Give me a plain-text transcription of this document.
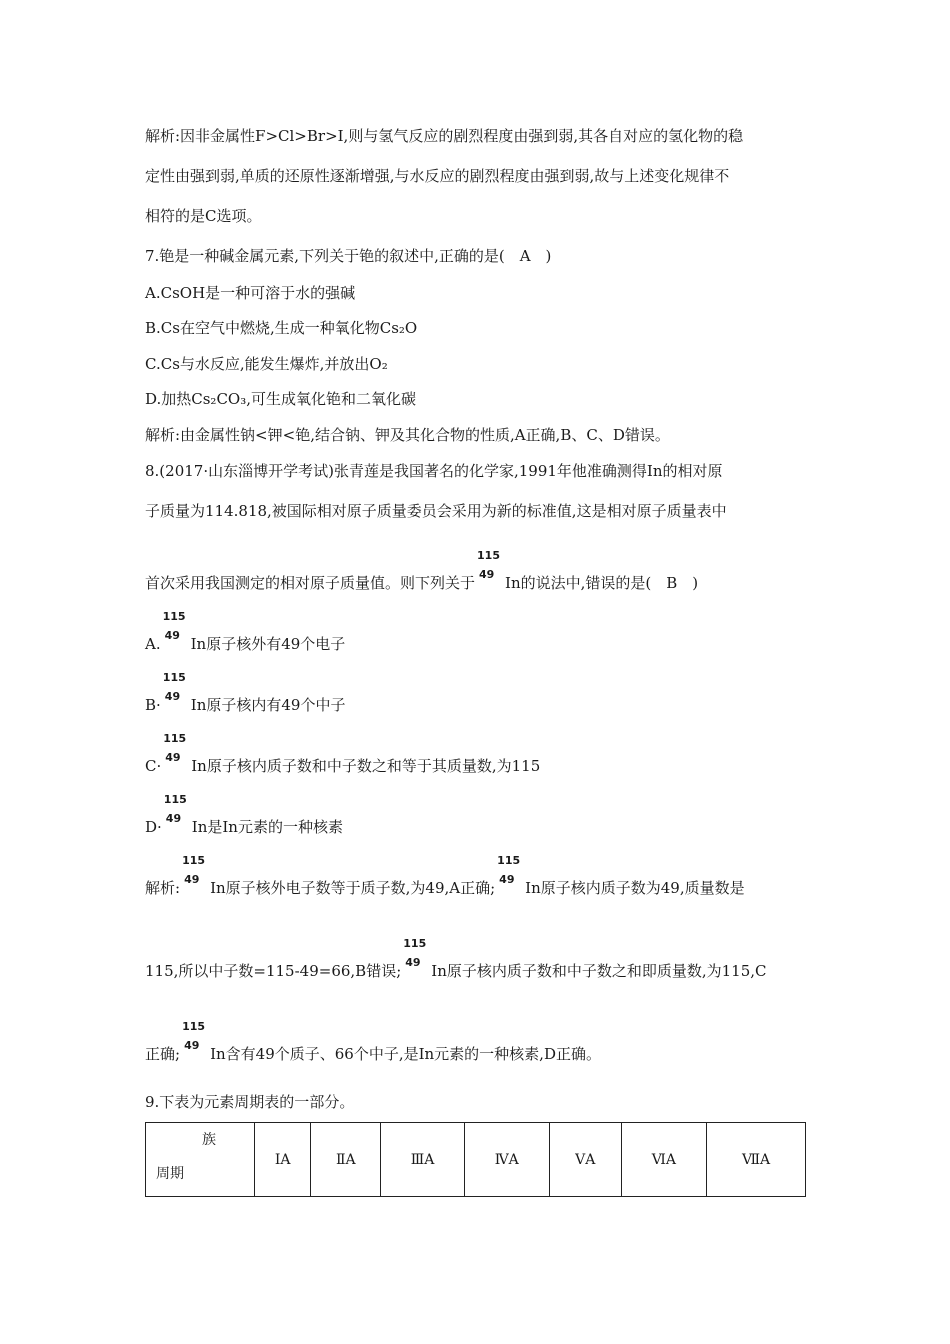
解析:因非金属性F>Cl>Br>I,则与氢气反应的剧烈程度由强到弱,其各自对应的氢化物的稳
定性由强到弱,单质的还原性逐渐增强,与水反应的剧烈程度由强到弱,故与上述变化规律不
相符的是C选项。
7.铯是一种碱金属元素,下列关于铯的叙述中,正确的是(　A　)
A.CsOH是一种可溶于水的强碱
B.Cs在空气中燃烧,生成一种氧化物Cs₂O
C.Cs与水反应,能发生爆炸,并放出O₂
D.加热Cs₂CO₃,可生成氧化铯和二氧化碳
解析:由金属性钠<钾<铯,结合钠、钾及其化合物的性质,A正确,B、C、D错误。
8.(2017·山东淄博开学考试)张青莲是我国著名的化学家,1991年他准确测得In的相对原
子质量为114.818,被国际相对原子质量委员会采用为新的标准值,这是相对原子质量表中
首次采用我国测定的相对原子质量值。则下列关于
115
49 In的说法中,错误的是(　B　)
A.
115
49 In原子核外有49个电子
B·
115
49 In原子核内有49个中子
C·
115
49 In原子核内质子数和中子数之和等于其质量数,为115
D·
115
49 In是In元素的一种核素
解析:
115
49 In原子核外电子数等于质子数,为49,A正确;
115
49 In原子核内质子数为49,质量数是
115,所以中子数=115-49=66,B错误;
115
49 In原子核内质子数和中子数之和即质量数,为115,C
正确;
115
49 In含有49个质子、66个中子,是In元素的一种核素,D正确。
9.下表为元素周期表的一部分。
族
周期
	ⅠA	ⅡA	ⅢA	ⅣA	ⅤA	ⅥA	ⅦA
